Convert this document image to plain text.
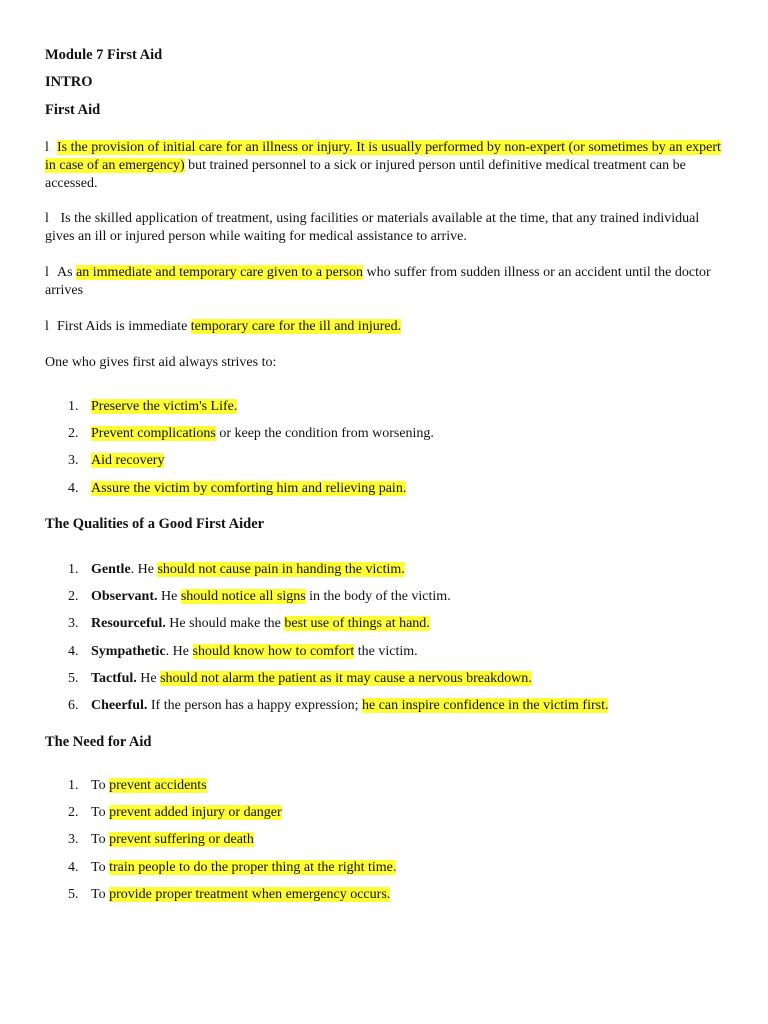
Module 7 First Aid
INTRO
First Aid
l Is the provision of initial care for an illness or injury. It is usually performed by non-expert (or sometimes by an expert in case of an emergency) but trained personnel to a sick or injured person until definitive medical treatment can be accessed.
l Is the skilled application of treatment, using facilities or materials available at the time, that any trained individual gives an ill or injured person while waiting for medical assistance to arrive.
l As an immediate and temporary care given to a person who suffer from sudden illness or an accident until the doctor arrives
l First Aids is immediate temporary care for the ill and injured.
One who gives first aid always strives to:
1. Preserve the victim's Life.
2. Prevent complications or keep the condition from worsening.
3. Aid recovery
4. Assure the victim by comforting him and relieving pain.
The Qualities of a Good First Aider
1. Gentle. He should not cause pain in handing the victim.
2. Observant. He should notice all signs in the body of the victim.
3. Resourceful. He should make the best use of things at hand.
4. Sympathetic. He should know how to comfort the victim.
5. Tactful. He should not alarm the patient as it may cause a nervous breakdown.
6. Cheerful. If the person has a happy expression; he can inspire confidence in the victim first.
The Need for Aid
1. To prevent accidents
2. To prevent added injury or danger
3. To prevent suffering or death
4. To train people to do the proper thing at the right time.
5. To provide proper treatment when emergency occurs.
